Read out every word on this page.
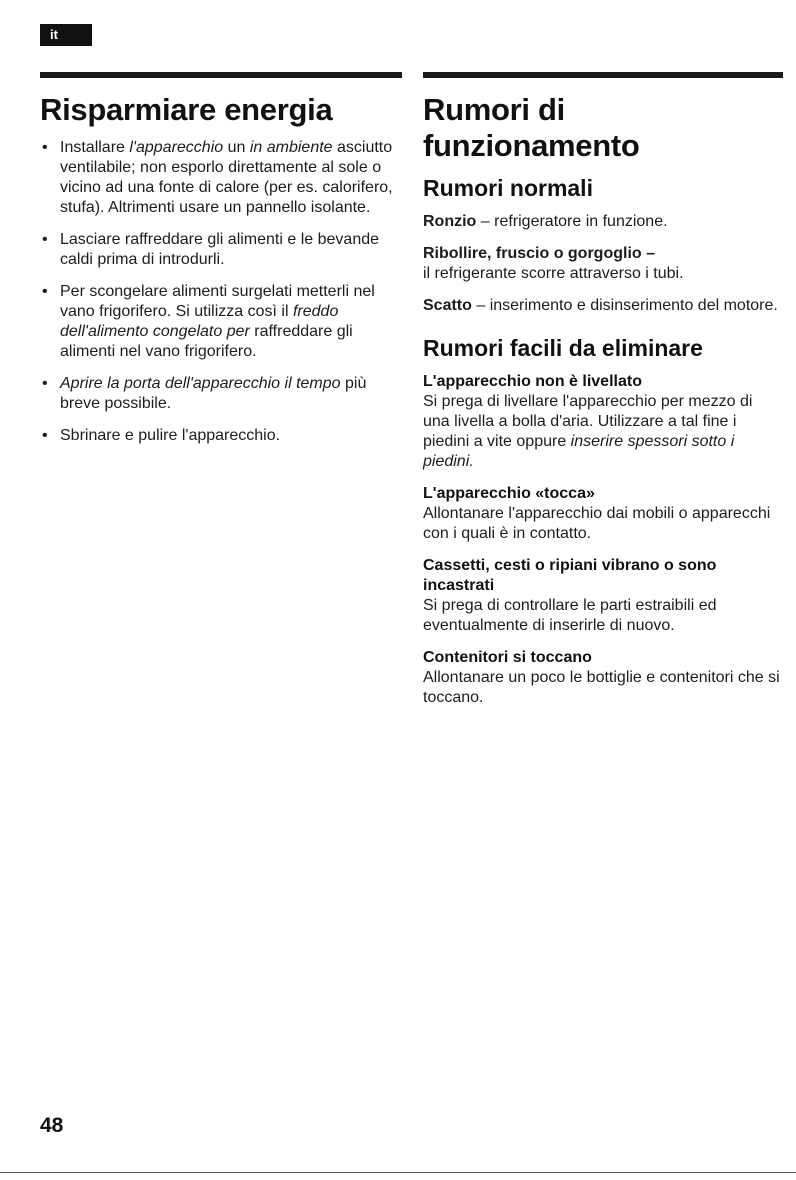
it
Risparmiare energia
• Installare l'apparecchio un in ambiente asciutto ventilabile; non esporlo direttamente al sole o vicino ad una fonte di calore (per es. calorifero, stufa). Altrimenti usare un pannello isolante.
• Lasciare raffreddare gli alimenti e le bevande caldi prima di introdurli.
• Per scongelare alimenti surgelati metterli nel vano frigorifero. Si utilizza così il freddo dell'alimento congelato per raffreddare gli alimenti nel vano frigorifero.
• Aprire la porta dell'apparecchio il tempo più breve possibile.
• Sbrinare e pulire l'apparecchio.
Rumori di funzionamento
Rumori normali

Ronzio – refrigeratore in funzione.

Ribollire, fruscio o gorgoglio –
il refrigerante scorre attraverso i tubi.

Scatto – inserimento e disinserimento del motore.

Rumori facili da eliminare
L'apparecchio non è livellato

Si prega di livellare l'apparecchio per mezzo di una livella a bolla d'aria. Utilizzare a tal fine i piedini a vite oppure inserire spessori sotto i piedini.

L'apparecchio «tocca»

Allontanare l'apparecchio dai mobili o apparecchi con i quali è in contatto.

Cassetti, cesti o ripiani vibrano o sono incastrati

Si prega di controllare le parti estraibili ed eventualmente di inserirle di nuovo.

Contenitori si toccano

Allontanare un poco le bottiglie e contenitori che si toccano.

48
